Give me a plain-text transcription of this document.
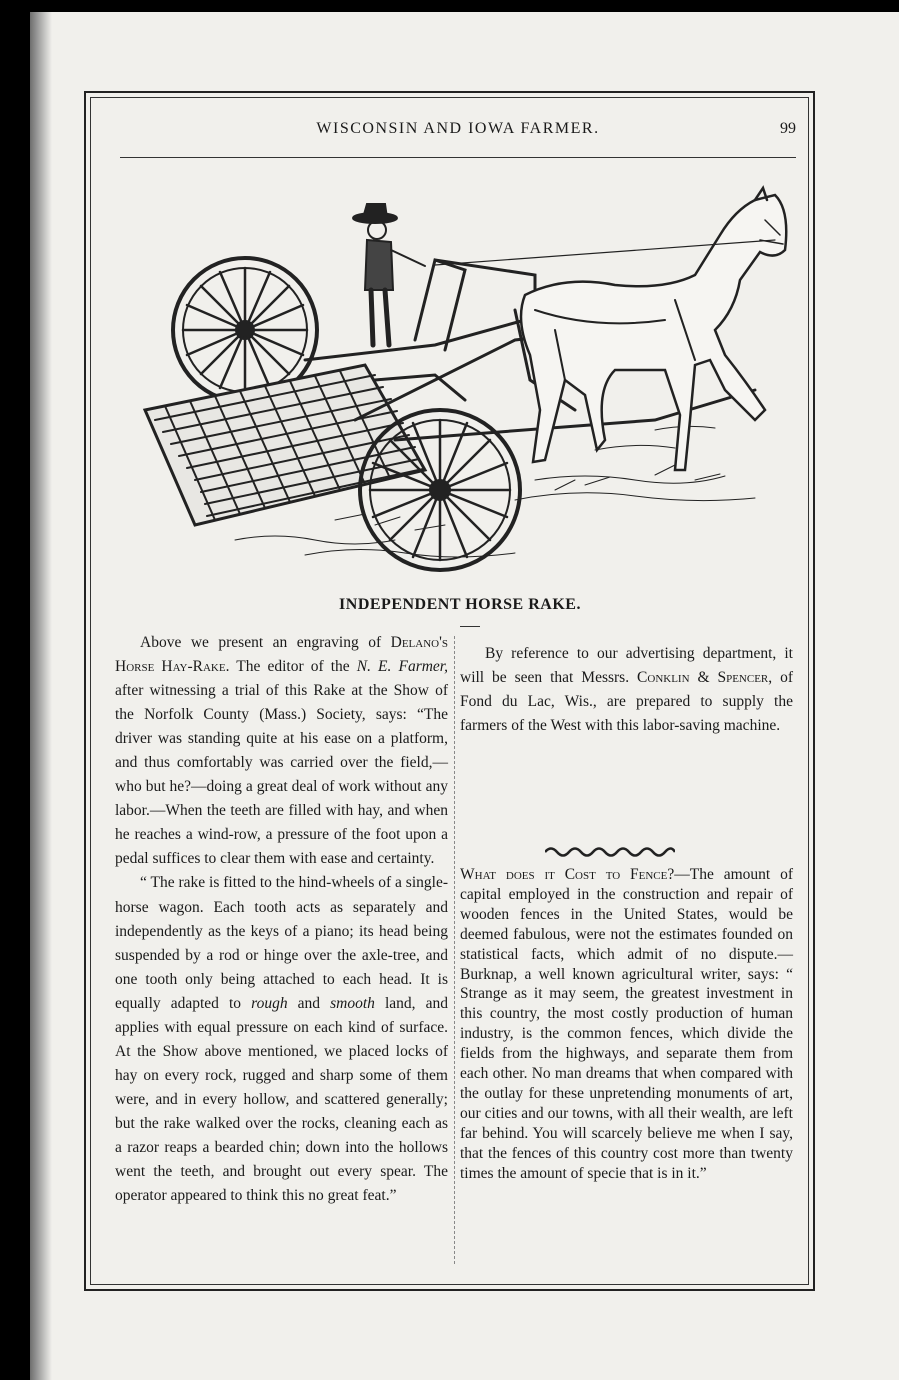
WISCONSIN AND IOWA FARMER.	99
INDEPENDENT HORSE RAKE.

Above we present an engraving of Delano's Horse Hay-Rake. The editor of the N. E. Farmer, after witnessing a trial of this Rake at the Show of the Norfolk County (Mass.) Society, says: “The driver was standing quite at his ease on a platform, and thus comfortably was carried over the field,—who but he?—doing a great deal of work without any labor.—When the teeth are filled with hay, and when he reaches a wind-row, a pressure of the foot upon a pedal suffices to clear them with ease and certainty.

“ The rake is fitted to the hind-wheels of a single-horse wagon. Each tooth acts as separately and independently as the keys of a piano; its head being suspended by a rod or hinge over the axle-tree, and one tooth only being attached to each head. It is equally adapted to rough and smooth land, and applies with equal pressure on each kind of surface. At the Show above mentioned, we placed locks of hay on every rock, rugged and sharp some of them were, and in every hollow, and scattered generally; but the rake walked over the rocks, cleaning each as a razor reaps a bearded chin; down into the hollows went the teeth, and brought out every spear. The operator appeared to think this no great feat.”

By reference to our advertising department, it will be seen that Messrs. Conklin & Spencer, of Fond du Lac, Wis., are prepared to supply the farmers of the West with this labor-saving machine.

What does it Cost to Fence?—The amount of capital employed in the construction and repair of wooden fences in the United States, would be deemed fabulous, were not the estimates founded on statistical facts, which admit of no dispute.—Burknap, a well known agricultural writer, says: “ Strange as it may seem, the greatest investment in this country, the most costly production of human industry, is the common fences, which divide the fields from the highways, and separate them from each other. No man dreams that when compared with the outlay for these unpretending monuments of art, our cities and our towns, with all their wealth, are left far behind. You will scarcely believe me when I say, that the fences of this country cost more than twenty times the amount of specie that is in it.”
